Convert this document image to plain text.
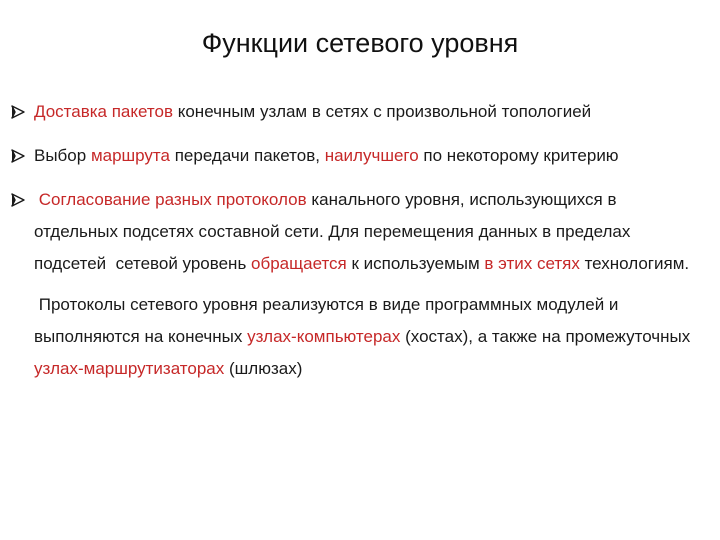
Функции сетевого уровня

Доставка пакетов конечным узлам в сетях с произвольной топологией

Выбор маршрута передачи пакетов, наилучшего по некоторому критерию

Согласование разных протоколов канального уровня, использующихся в отдельных подсетях составной сети. Для перемещения данных в пределах подсетей  сетевой уровень обращается к используемым в этих сетях технологиям.

Протоколы сетевого уровня реализуются в виде программных модулей и выполняются на конечных узлах-компьютерах (хостах), а также на промежуточных узлах-маршрутизаторах (шлюзах)
